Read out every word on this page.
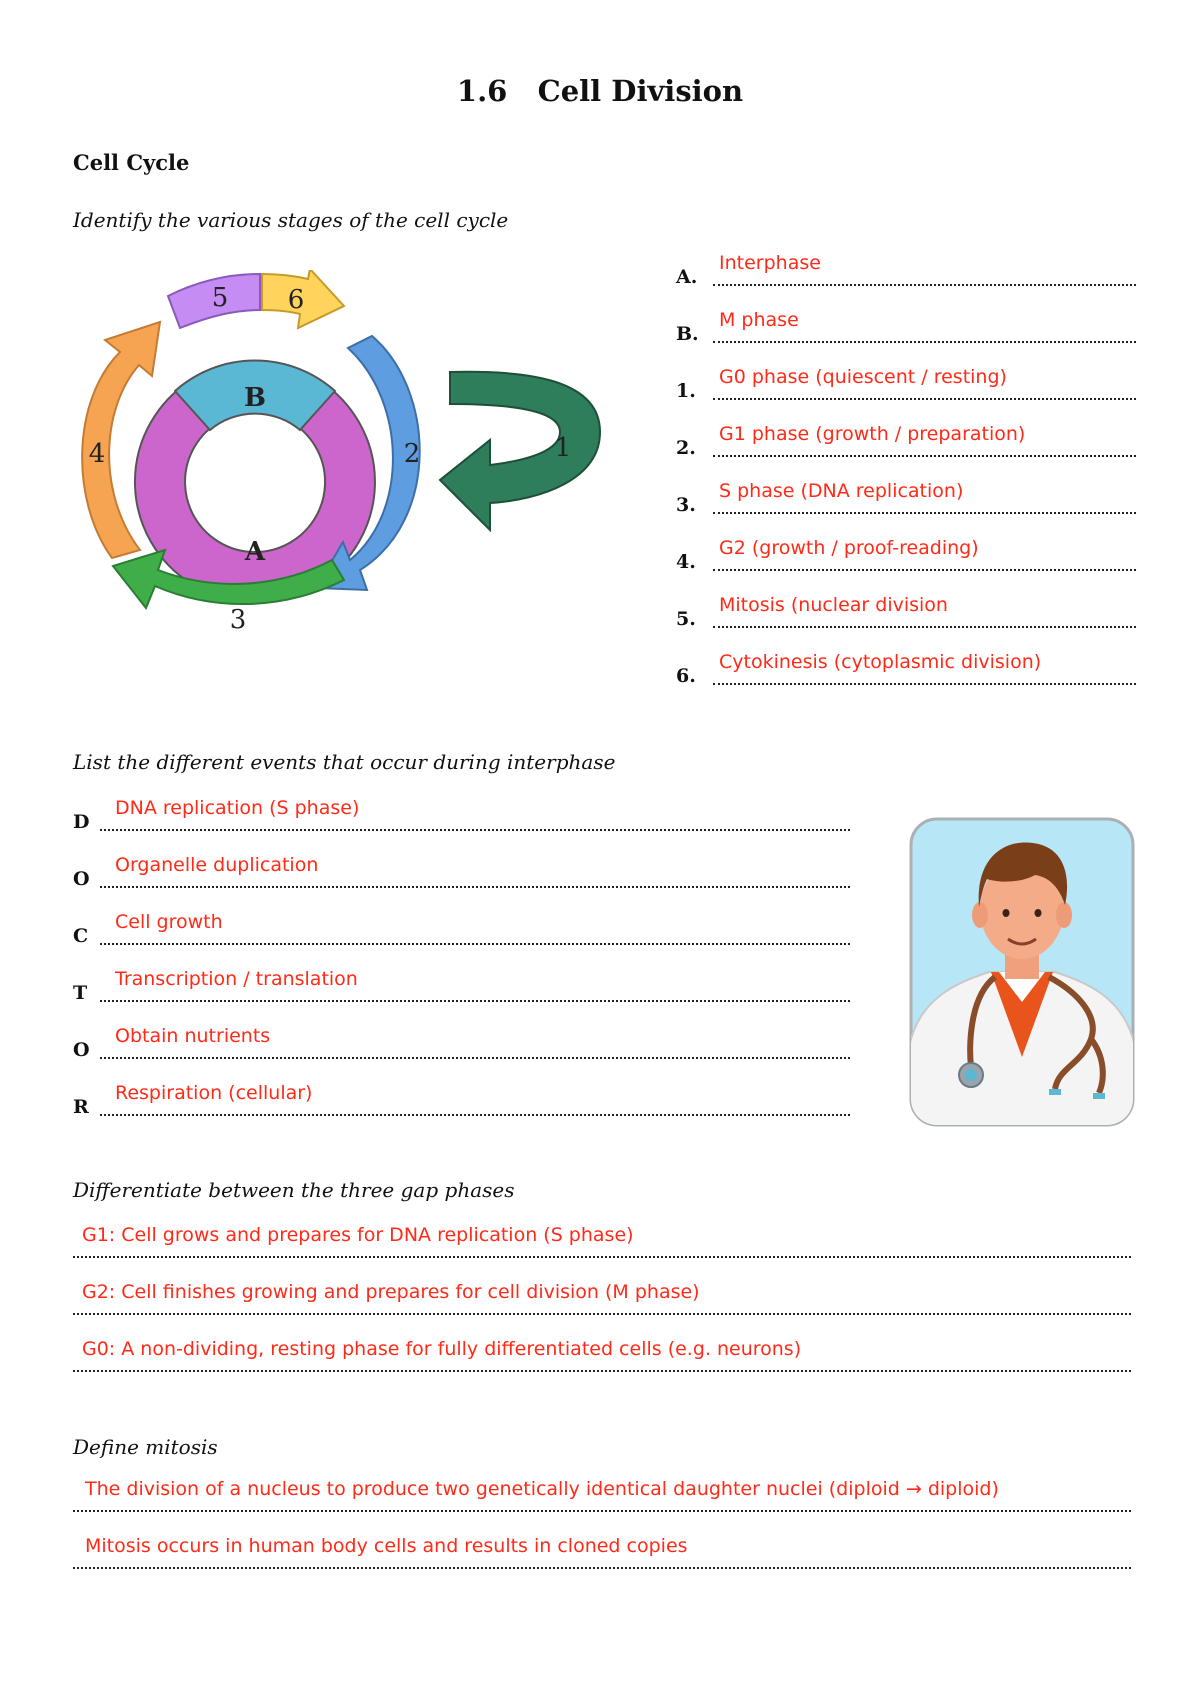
1.6   Cell Division
Cell Cycle
Identify the various stages of the cell cycle
B
A
1
2
3
4
5 6
A.
Interphase
B.
M phase
1.
G0 phase (quiescent / resting)
2.
G1 phase (growth / preparation)
3.
S phase (DNA replication)
4.
G2 (growth / proof-reading)
5.
Mitosis (nuclear division
6.
Cytokinesis (cytoplasmic division)
List the different events that occur during interphase
D
DNA replication (S phase)
O
Organelle duplication
C
Cell growth
T
Transcription / translation
O
Obtain nutrients
R
Respiration (cellular)
Differentiate between the three gap phases
G1: Cell grows and prepares for DNA replication (S phase)
G2: Cell finishes growing and prepares for cell division (M phase)
G0: A non-dividing, resting phase for fully differentiated cells (e.g. neurons)
Define mitosis
The division of a nucleus to produce two genetically identical daughter nuclei (diploid → diploid)
Mitosis occurs in human body cells and results in cloned copies
